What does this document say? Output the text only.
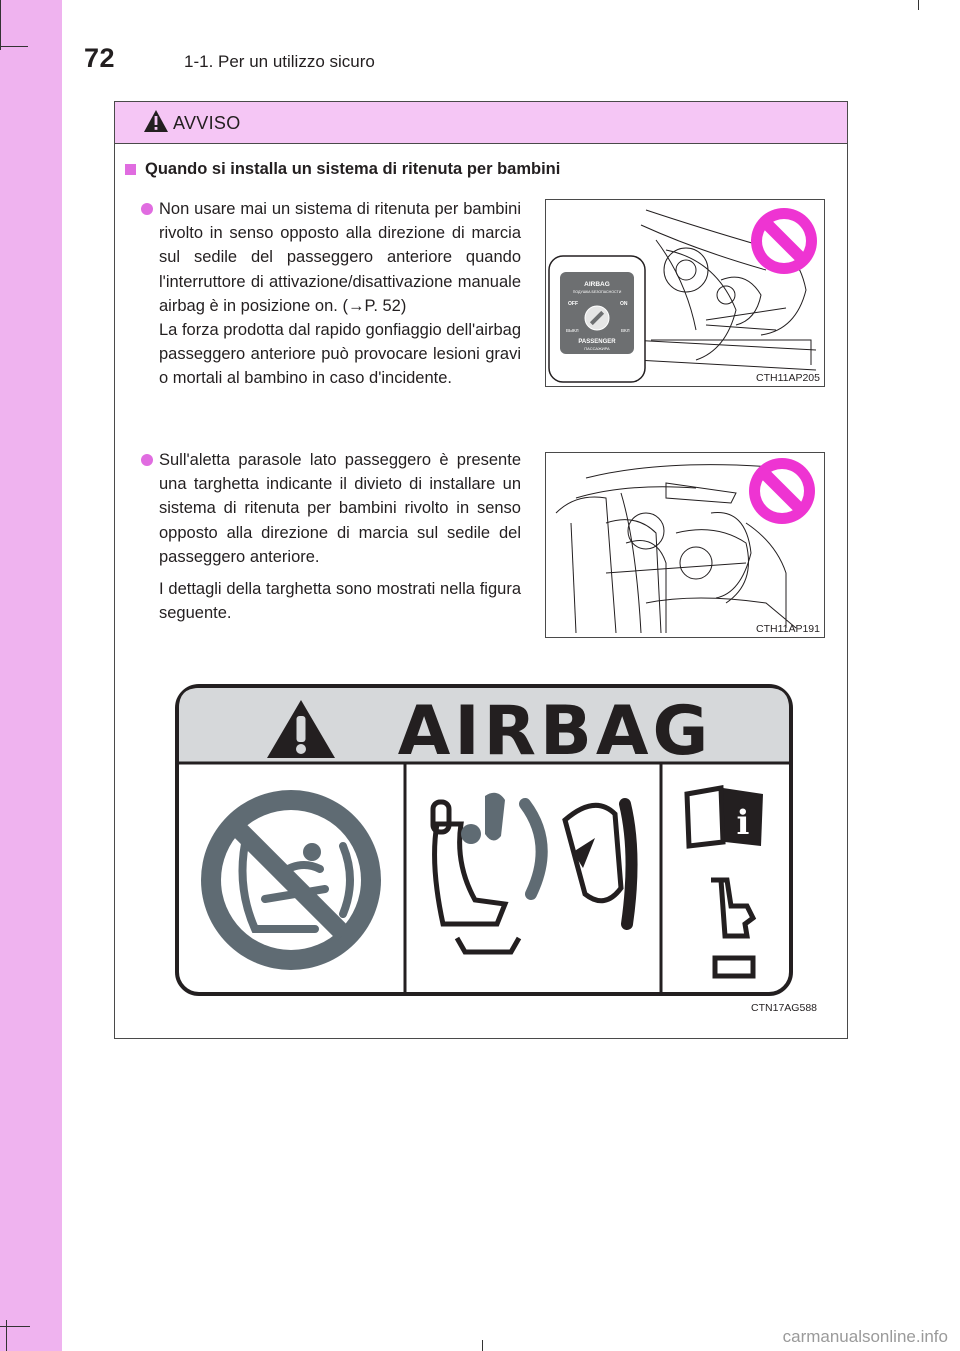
72	1-1. Per un utilizzo sicuro
AVVISO
Quando si installa un sistema di ritenuta per bambini

Non usare mai un sistema di ritenuta per bambini rivolto in senso opposto alla direzione di marcia sul sedile del passeggero anteriore quando l'interruttore di attivazione/disattivazione manuale airbag è in posizione on. (→P. 52)

La forza prodotta dal rapido gonfiaggio dell'airbag passeggero anteriore può provocare lesioni gravi o mortali al bambino in caso d'incidente.

AIRBAG
ПОДУШКА БЕЗОПАСНОСТИ
OFF	ON
ВЫКЛ	ВКЛ
PASSENGER
ПАССАЖИРА
CTH11AP205

Sull'aletta parasole lato passeggero è presente una targhetta indicante il divieto di installare un sistema di ritenuta per bambini rivolto in senso opposto alla direzione di marcia sul sedile del passeggero anteriore.

I dettagli della targhetta sono mostrati nella figura seguente.

CTH11AP191
AIRBAG
i
CTN17AG588
carmanualsonline.info
